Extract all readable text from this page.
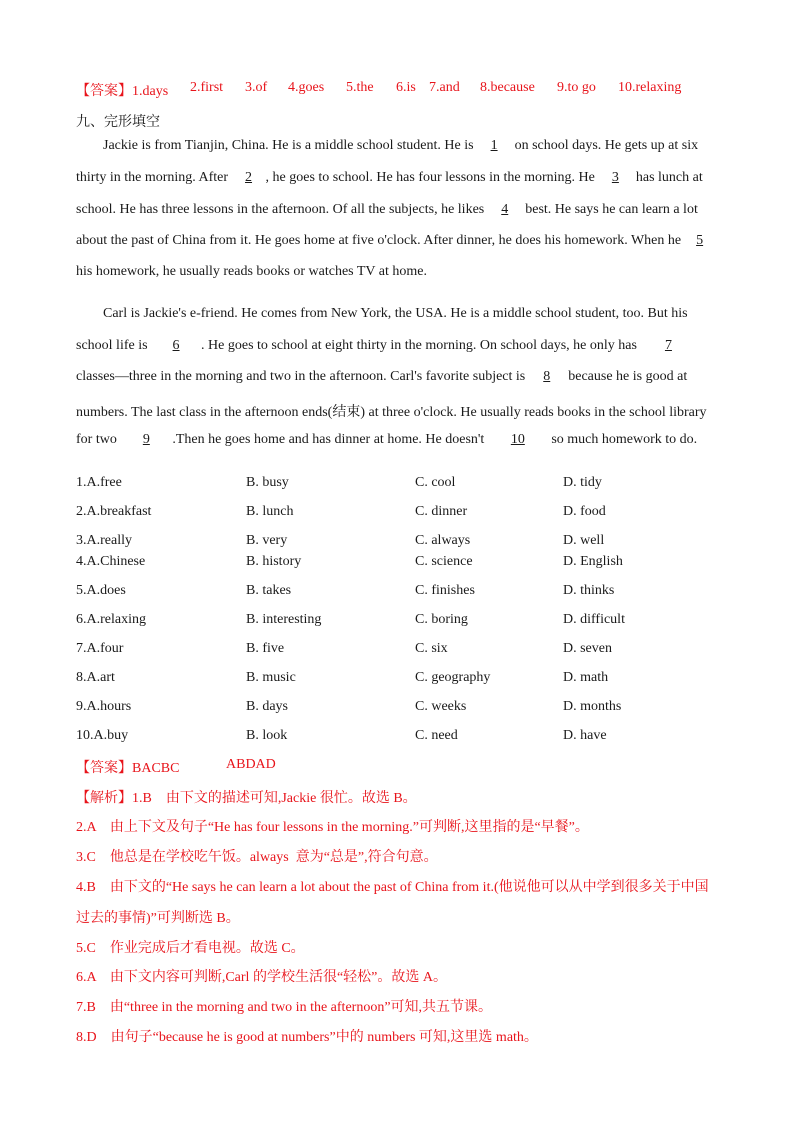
【答案】1.days 2.first 3.of 4.goes 5.the 6.is 7.and 8.because 9.to go 10.relaxing
九、完形填空
Jackie is from Tianjin, China. He is a middle school student. He is 1 on school days. He gets up at six
thirty in the morning. After 2 , he goes to school. He has four lessons in the morning. He 3 has lunch at
school. He has three lessons in the afternoon. Of all the subjects, he likes 4 best. He says he can learn a lot
about the past of China from it. He goes home at five o'clock. After dinner, he does his homework. When he 5
his homework, he usually reads books or watches TV at home.
Carl is Jackie's e-friend. He comes from New York, the USA. He is a middle school student, too. But his
school life is 6 . He goes to school at eight thirty in the morning. On school days, he only has 7
classes—three in the morning and two in the afternoon. Carl's favorite subject is 8 because he is good at
numbers. The last class in the afternoon ends(结束) at three o'clock. He usually reads books in the school library
for two 9 .Then he goes home and has dinner at home. He doesn't 10 so much homework to do.
1.A.free	B. busy	C. cool	D. tidy
2.A.breakfast	B. lunch	C. dinner	D. food
3.A.really	B. very	C. always	D. well
4.A.Chinese	B. history	C. science	D. English
5.A.does	B. takes	C. finishes	D. thinks
6.A.relaxing	B. interesting	C. boring	D. difficult
7.A.four	B. five	C. six	D. seven
8.A.art	B. music	C. geography	D. math
9.A.hours	B. days	C. weeks	D. months
10.A.buy	B. look	C. need	D. have
【答案】BACBC	ABDAD
【解析】1.B    由下文的描述可知,Jackie 很忙。故选 B。
2.A    由上下文及句子“He has four lessons in the morning.”可判断,这里指的是“早餐”。
3.C    他总是在学校吃午饭。always  意为“总是”,符合句意。
4.B    由下文的“He says he can learn a lot about the past of China from it.(他说他可以从中学到很多关于中国
过去的事情)”可判断选 B。
5.C    作业完成后才看电视。故选 C。
6.A    由下文内容可判断,Carl 的学校生活很“轻松”。故选 A。
7.B    由“three in the morning and two in the afternoon”可知,共五节课。
8.D    由句子“because he is good at numbers”中的 numbers 可知,这里选 math。
